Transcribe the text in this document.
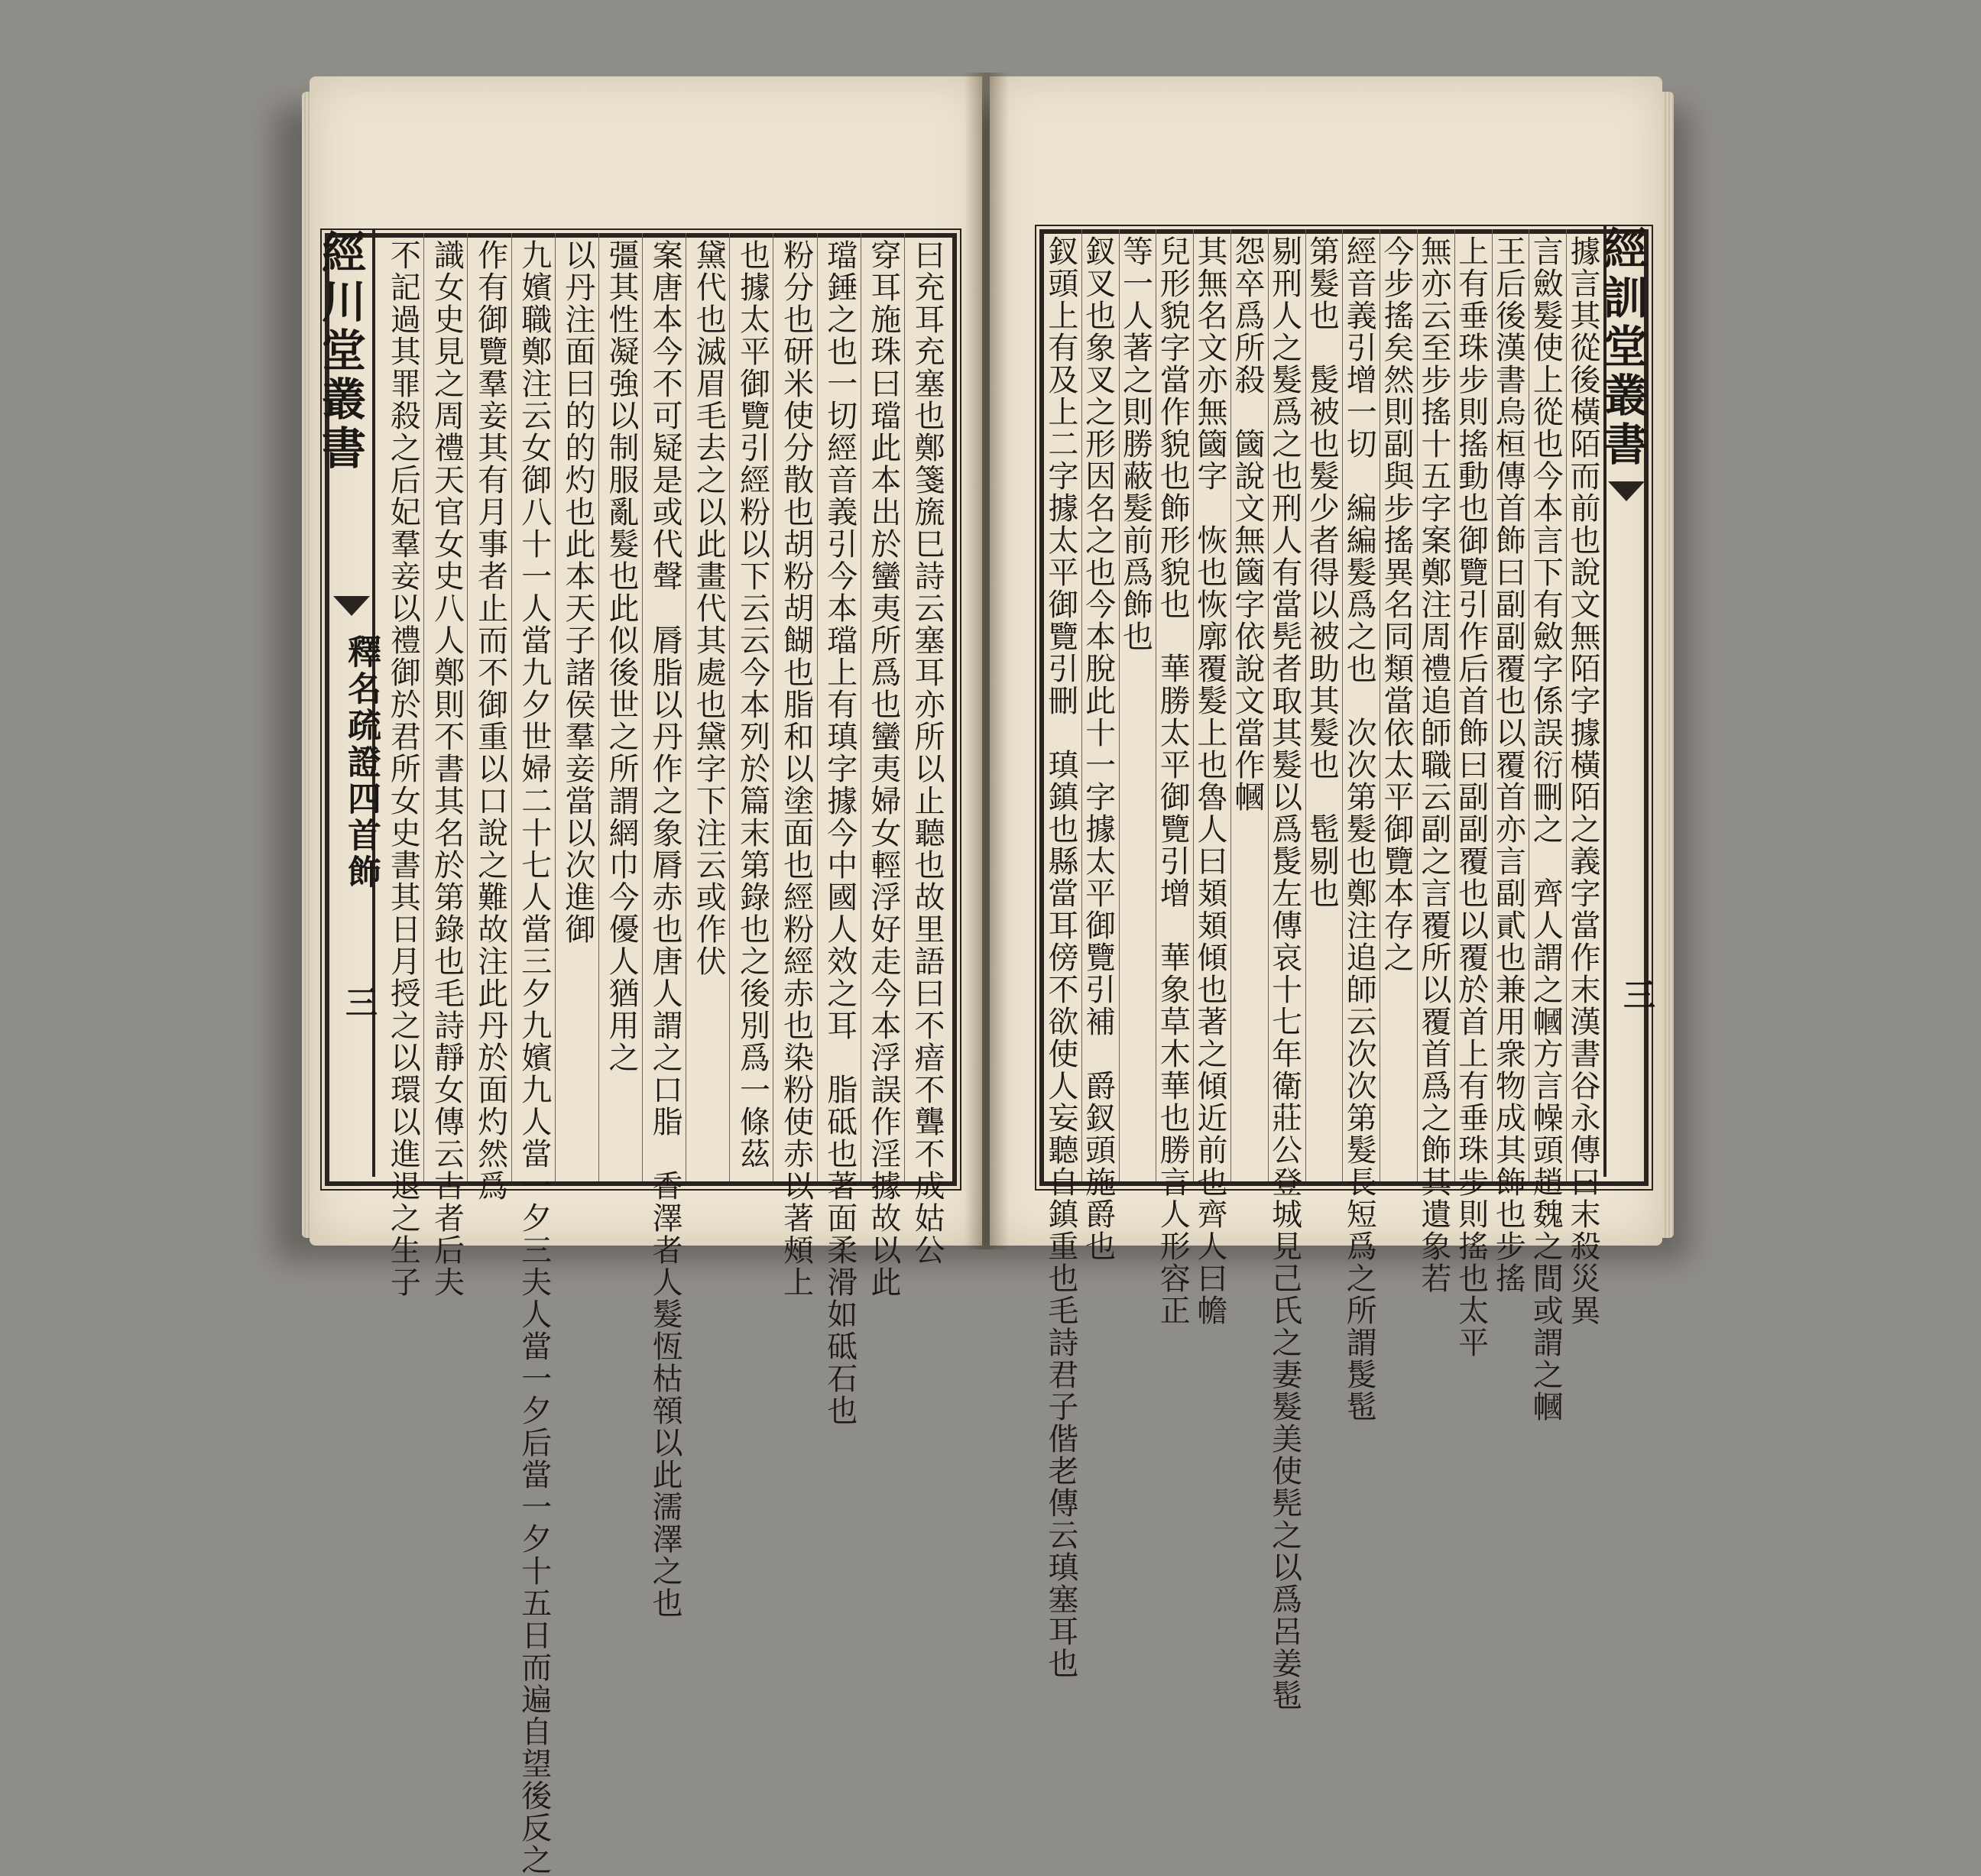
經川堂叢書
釋名疏證四首飾
三	曰充耳充塞也鄭箋旒巳詩云塞耳亦所以止聽也故里語曰不瘖不聾不成姑公
穿耳施珠曰璫此本出於蠻夷所爲也蠻夷婦女輕浮好走今本浮誤作淫據故以此
璫錘之也一切經音義引今本璫上有瑱字據今中國人效之耳　脂砥也著面柔滑如砥石也
粉分也研米使分散也胡粉胡餬也脂和以塗面也經粉經赤也染粉使赤以著頰上
也據太平御覽引經粉以下云云今本列於篇末第錄也之後別爲一條茲
黛代也滅眉毛去之以此畫代其處也黛字下注云或作伏
案唐本今不可疑是或代聲　脣脂以丹作之象脣赤也唐人謂之口脂　香澤者人髮恆枯顇以此濡澤之也
彊其性凝強以制服亂髮也此似後世之所謂網巾今優人猶用之
以丹注面曰的的灼也此本天子諸侯羣妾當以次進御
九嬪職鄭注云女御八十一人當九夕世婦二十七人當三夕九嬪九人當一夕三夫人當一夕后當一夕十五日而遍自望後反之
作有御覽羣妾其有月事者止而不御重以口說之難故注此丹於面灼然爲
識女史見之周禮天官女史八人鄭則不書其名於第錄也毛詩靜女傳云古者后夫
不記過其罪殺之后妃羣妾以禮御於君所女史書其日月授之以環以進退之生子	經訓堂叢書
三
據言其從後橫陌而前也說文無陌字據橫陌之義字當作末漢書谷永傳曰末殺災異
言斂髮使上從也今本言下有斂字係誤衍刪之　齊人謂之幗方言幧頭趙魏之間或謂之幗
王后後漢書烏桓傳首飾曰副副覆也以覆首亦言副貳也兼用衆物成其飾也步搖
上有垂珠步則搖動也御覽引作后首飾曰副副覆也以覆於首上有垂珠步則搖也太平
無亦云至步搖十五字案鄭注周禮追師職云副之言覆所以覆首爲之飾其遺象若
今步搖矣然則副與步搖異名同類當依太平御覽本存之
經音義引增一切　編編髮爲之也　次次第髮也鄭注追師云次次第髮長短爲之所謂髲髢
第髮也　髲被也髮少者得以被助其髮也　髢剔也
剔刑人之髮爲之也刑人有當髡者取其髮以爲髲左傳哀十七年衛莊公登城見己氏之妻髮美使髡之以爲呂姜髢
怨卒爲所殺　簂說文無簂字依說文當作幗
其無名文亦無簂字　恢也恢廓覆髮上也魯人曰頍頍傾也著之傾近前也齊人曰幨
兒形貌字當作貌也飾形貌也　華勝太平御覽引增　華象草木華也勝言人形容正
等一人著之則勝蔽髮前爲飾也
釵叉也象叉之形因名之也今本脫此十一字據太平御覽引補　爵釵頭施爵也
釵頭上有及上二字據太平御覽引刪　瑱鎮也縣當耳傍不欲使人妄聽自鎮重也毛詩君子偕老傳云瑱塞耳也
